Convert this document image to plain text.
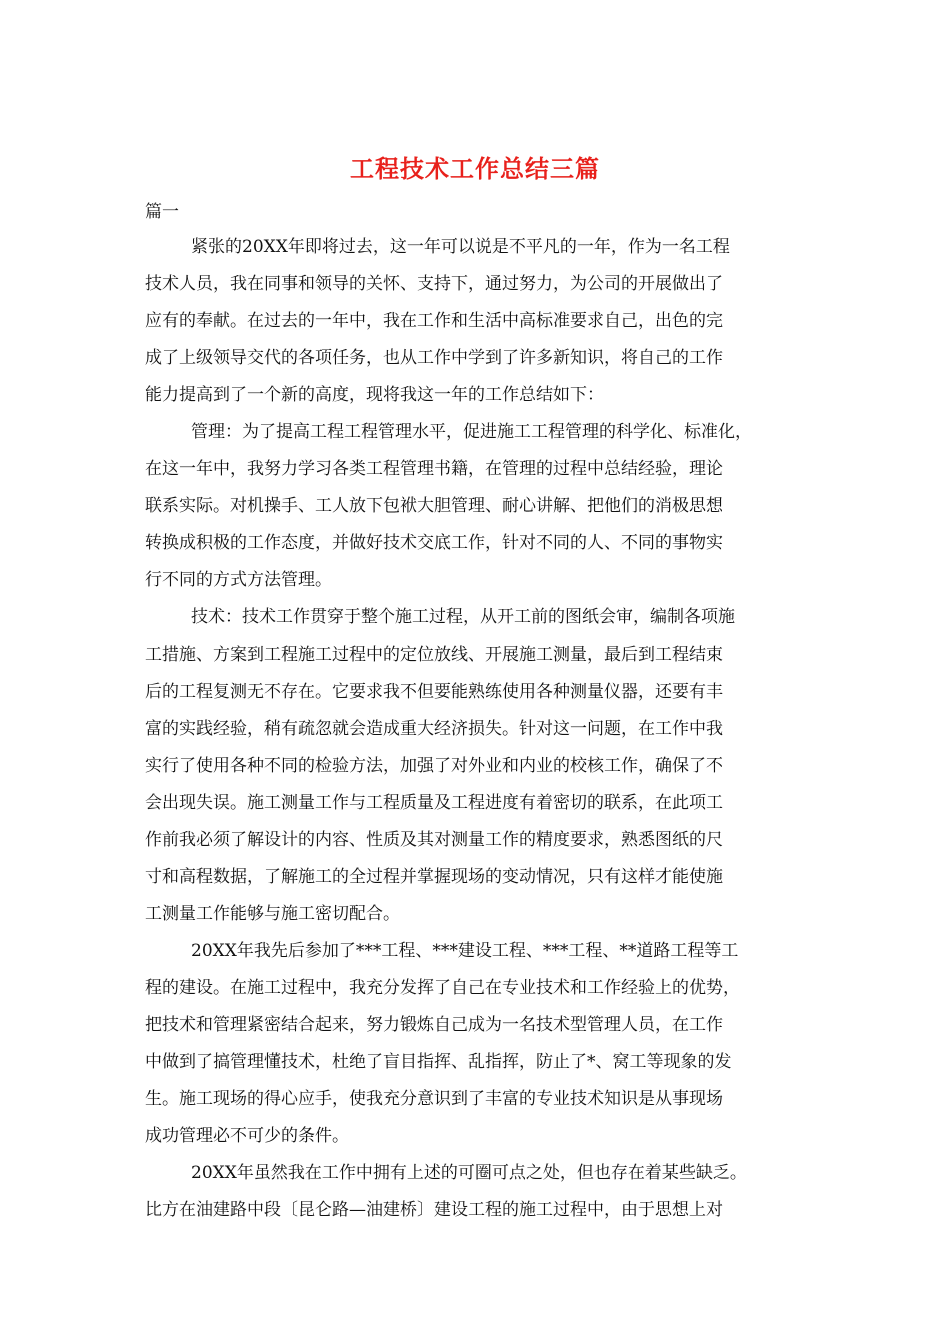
工程技术工作总结三篇
篇一
紧张的20XX年即将过去，这一年可以说是不平凡的一年，作为一名工程
技术人员，我在同事和领导的关怀、支持下，通过努力，为公司的开展做出了
应有的奉献。在过去的一年中，我在工作和生活中高标准要求自己，出色的完
成了上级领导交代的各项任务，也从工作中学到了许多新知识，将自己的工作
能力提高到了一个新的高度，现将我这一年的工作总结如下：
管理：为了提高工程工程管理水平，促进施工工程管理的科学化、标准化，
在这一年中，我努力学习各类工程管理书籍，在管理的过程中总结经验，理论
联系实际。对机操手、工人放下包袱大胆管理、耐心讲解、把他们的消极思想
转换成积极的工作态度，并做好技术交底工作，针对不同的人、不同的事物实
行不同的方式方法管理。
技术：技术工作贯穿于整个施工过程，从开工前的图纸会审，编制各项施
工措施、方案到工程施工过程中的定位放线、开展施工测量，最后到工程结束
后的工程复测无不存在。它要求我不但要能熟练使用各种测量仪器，还要有丰
富的实践经验，稍有疏忽就会造成重大经济损失。针对这一问题，在工作中我
实行了使用各种不同的检验方法，加强了对外业和内业的校核工作，确保了不
会出现失误。施工测量工作与工程质量及工程进度有着密切的联系，在此项工
作前我必须了解设计的内容、性质及其对测量工作的精度要求，熟悉图纸的尺
寸和高程数据，了解施工的全过程并掌握现场的变动情况，只有这样才能使施
工测量工作能够与施工密切配合。
20XX年我先后参加了***工程、***建设工程、***工程、**道路工程等工
程的建设。在施工过程中，我充分发挥了自己在专业技术和工作经验上的优势，
把技术和管理紧密结合起来，努力锻炼自己成为一名技术型管理人员，在工作
中做到了搞管理懂技术，杜绝了盲目指挥、乱指挥，防止了*、窝工等现象的发
生。施工现场的得心应手，使我充分意识到了丰富的专业技术知识是从事现场
成功管理必不可少的条件。
20XX年虽然我在工作中拥有上述的可圈可点之处，但也存在着某些缺乏。
比方在油建路中段〔昆仑路—油建桥〕建设工程的施工过程中，由于思想上对
